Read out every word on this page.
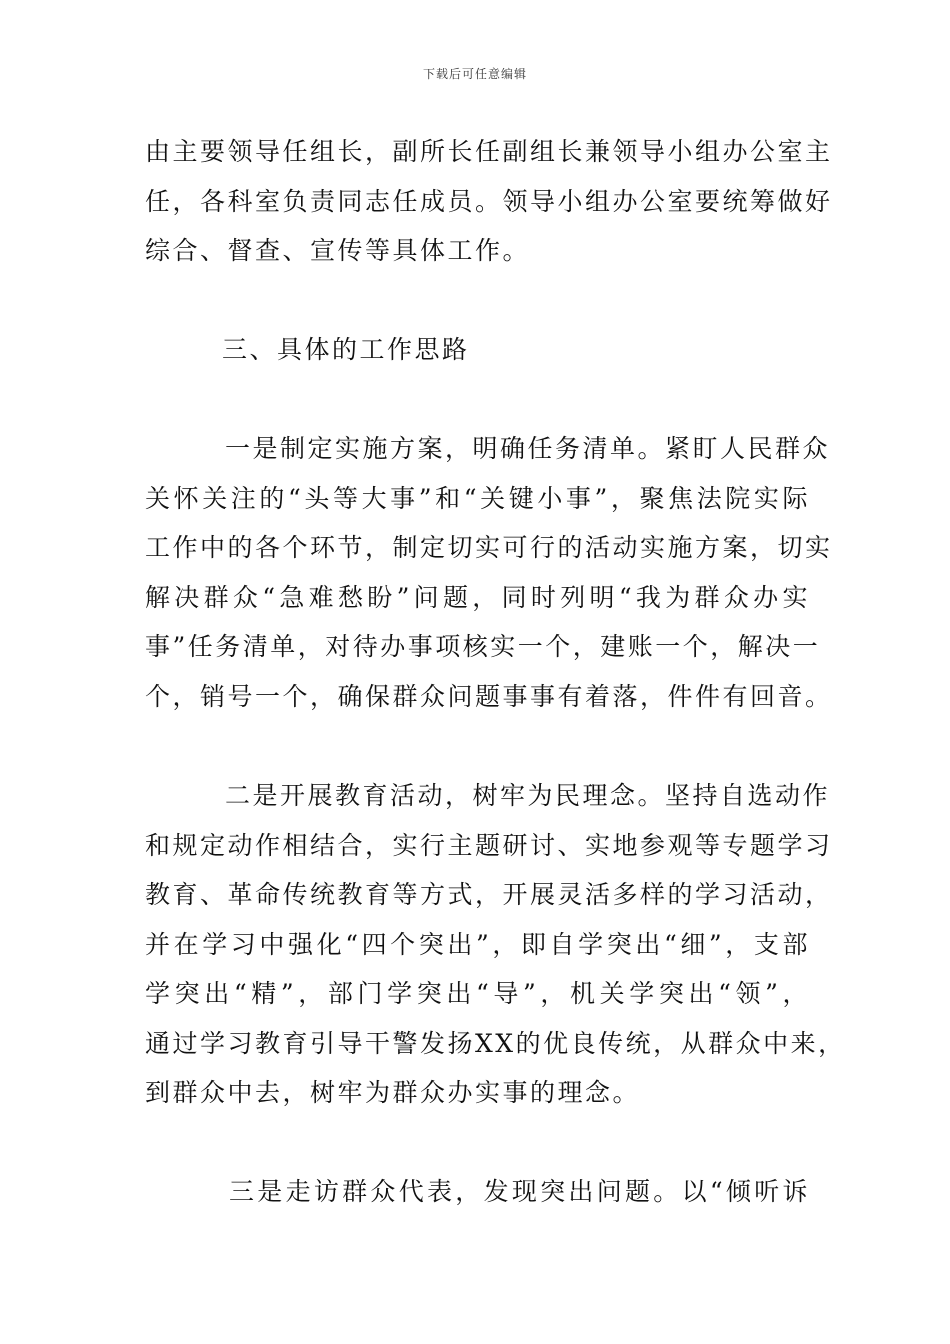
下载后可任意编辑
由主要领导任组长，副所长任副组长兼领导小组办公室主
任，各科室负责同志任成员。领导小组办公室要统筹做好
综合、督查、宣传等具体工作。
三、具体的工作思路
一是制定实施方案，明确任务清单。紧盯人民群众
关怀关注的“头等大事”和“关键小事”，聚焦法院实际
工作中的各个环节，制定切实可行的活动实施方案，切实
解决群众“急难愁盼”问题，同时列明“我为群众办实
事”任务清单，对待办事项核实一个，建账一个，解决一
个，销号一个，确保群众问题事事有着落，件件有回音。
二是开展教育活动，树牢为民理念。坚持自选动作
和规定动作相结合，实行主题研讨、实地参观等专题学习
教育、革命传统教育等方式，开展灵活多样的学习活动，
并在学习中强化“四个突出”，即自学突出“细”，支部
学突出“精”，部门学突出“导”，机关学突出“领”，
通过学习教育引导干警发扬XX的优良传统，从群众中来，
到群众中去，树牢为群众办实事的理念。
三是走访群众代表，发现突出问题。以“倾听诉
